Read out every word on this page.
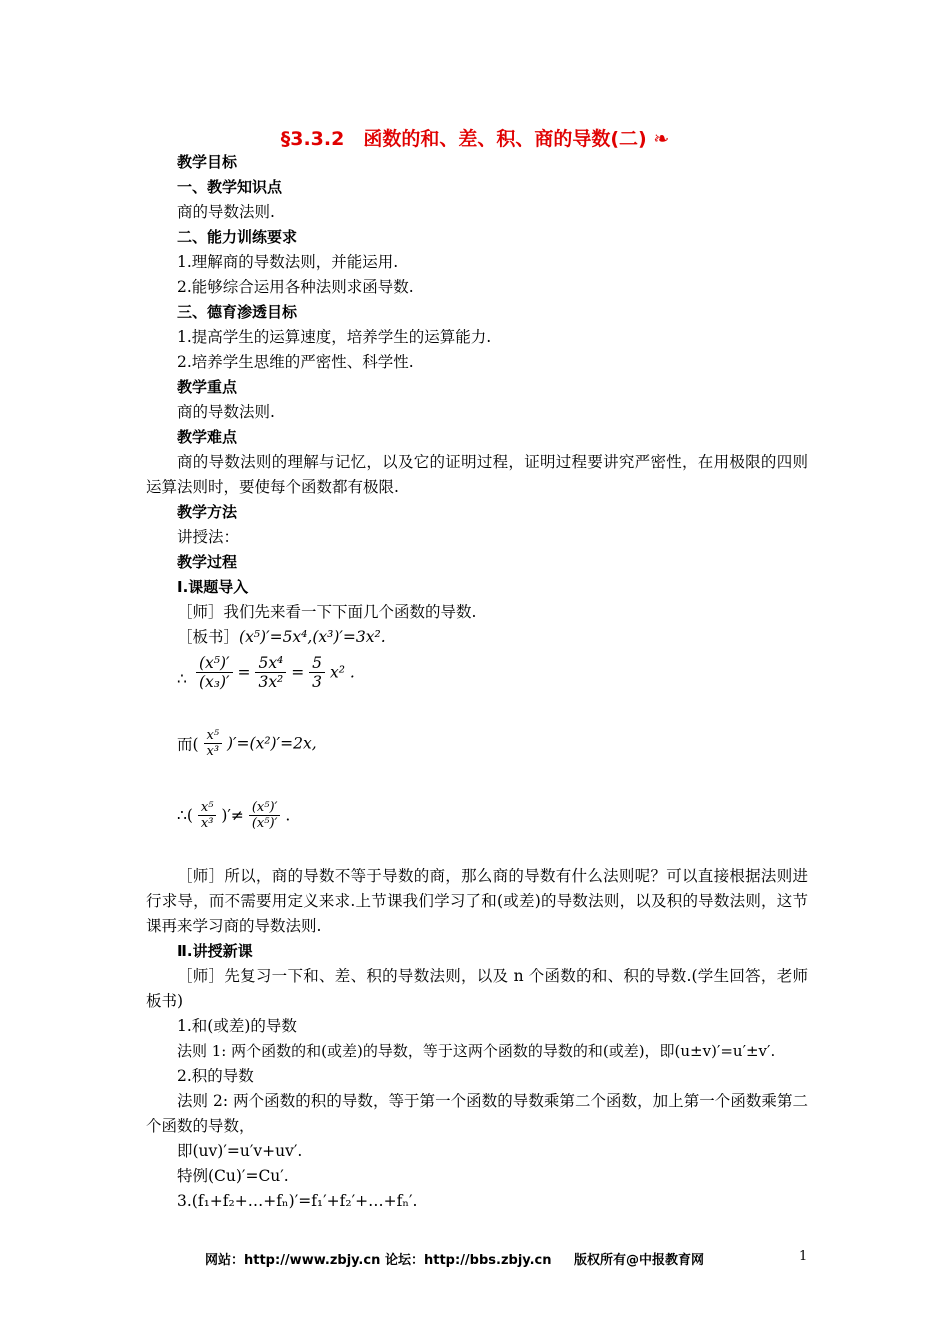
§3.3.2　函数的和、差、积、商的导数(二) ❧

教学目标

一、教学知识点

商的导数法则.

二、能力训练要求

1.理解商的导数法则，并能运用.

2.能够综合运用各种法则求函导数.

三、德育渗透目标

1.提高学生的运算速度，培养学生的运算能力.

2.培养学生思维的严密性、科学性.

教学重点

商的导数法则.

教学难点

商的导数法则的理解与记忆，以及它的证明过程，证明过程要讲究严密性，在用极限的四则运算法则时，要使每个函数都有极限.

教学方法

讲授法：

教学过程

Ⅰ.课题导入

［师］我们先来看一下下面几个函数的导数.

［板书］(x⁵)′=5x⁴,(x³)′=3x².

∴ $\frac{\text{(x⁵)′}}{\text{(x₃)′}} = \frac{\text{5x⁴}}{\text{3x²}} = \frac{5}{3} x^2$ .
而( $\frac{\text{x⁵}}{\text{x³}} )'=(x^2)'=2x$,
∴( $\frac{\text{x⁵}}{\text{x³}}$ )′≠ $\frac{\text{(x⁵)′}}{\text{(x⁵)′}}$ .

［师］所以，商的导数不等于导数的商，那么商的导数有什么法则呢？可以直接根据法则进行求导，而不需要用定义来求.上节课我们学习了和(或差)的导数法则，以及积的导数法则，这节课再来学习商的导数法则.

Ⅱ.讲授新课

［师］先复习一下和、差、积的导数法则，以及 n 个函数的和、积的导数.(学生回答，老师板书)

1.和(或差)的导数

法则 1: 两个函数的和(或差)的导数，等于这两个函数的导数的和(或差)，即(u±v)′=u′±v′.

2.积的导数

法则 2: 两个函数的积的导数，等于第一个函数的导数乘第二个函数，加上第一个函数乘第二个函数的导数，

即(uv)′=u′v+uv′.

特例(Cu)′=Cu′.

3.(f₁+f₂+…+fₙ)′=f₁′+f₂′+…+fₙ′.

网站：http://www.zbjy.cn 论坛：http://bbs.zbjy.cn 版权所有@中报教育网	1
